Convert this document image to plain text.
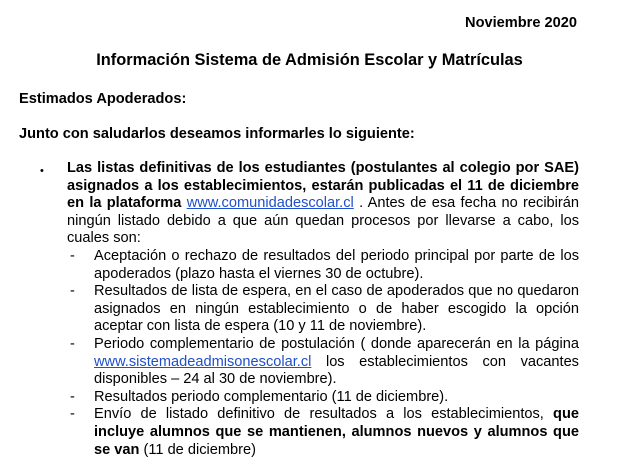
Noviembre 2020
Información Sistema de Admisión Escolar y Matrículas
Estimados Apoderados:
Junto con saludarlos deseamos informarles lo siguiente:
• Las listas definitivas de los estudiantes (postulantes al colegio por SAE) asignados a los establecimientos, estarán publicadas el 11 de diciembre en la plataforma www.comunidadescolar.cl . Antes de esa fecha no recibirán ningún listado debido a que aún quedan procesos por llevarse a cabo, los cuales son:
- Aceptación o rechazo de resultados del periodo principal por parte de los apoderados (plazo hasta el viernes 30 de octubre).
- Resultados de lista de espera, en el caso de apoderados que no quedaron asignados en ningún establecimiento o de haber escogido la opción aceptar con lista de espera (10 y 11 de noviembre).
- Periodo complementario de postulación ( donde aparecerán en la página www.sistemadeadmisonescolar.cl los establecimientos con vacantes disponibles – 24 al 30 de noviembre).
- Resultados periodo complementario (11 de diciembre).
- Envío de listado definitivo de resultados a los establecimientos, que incluye alumnos que se mantienen, alumnos nuevos y alumnos que se van (11 de diciembre)
